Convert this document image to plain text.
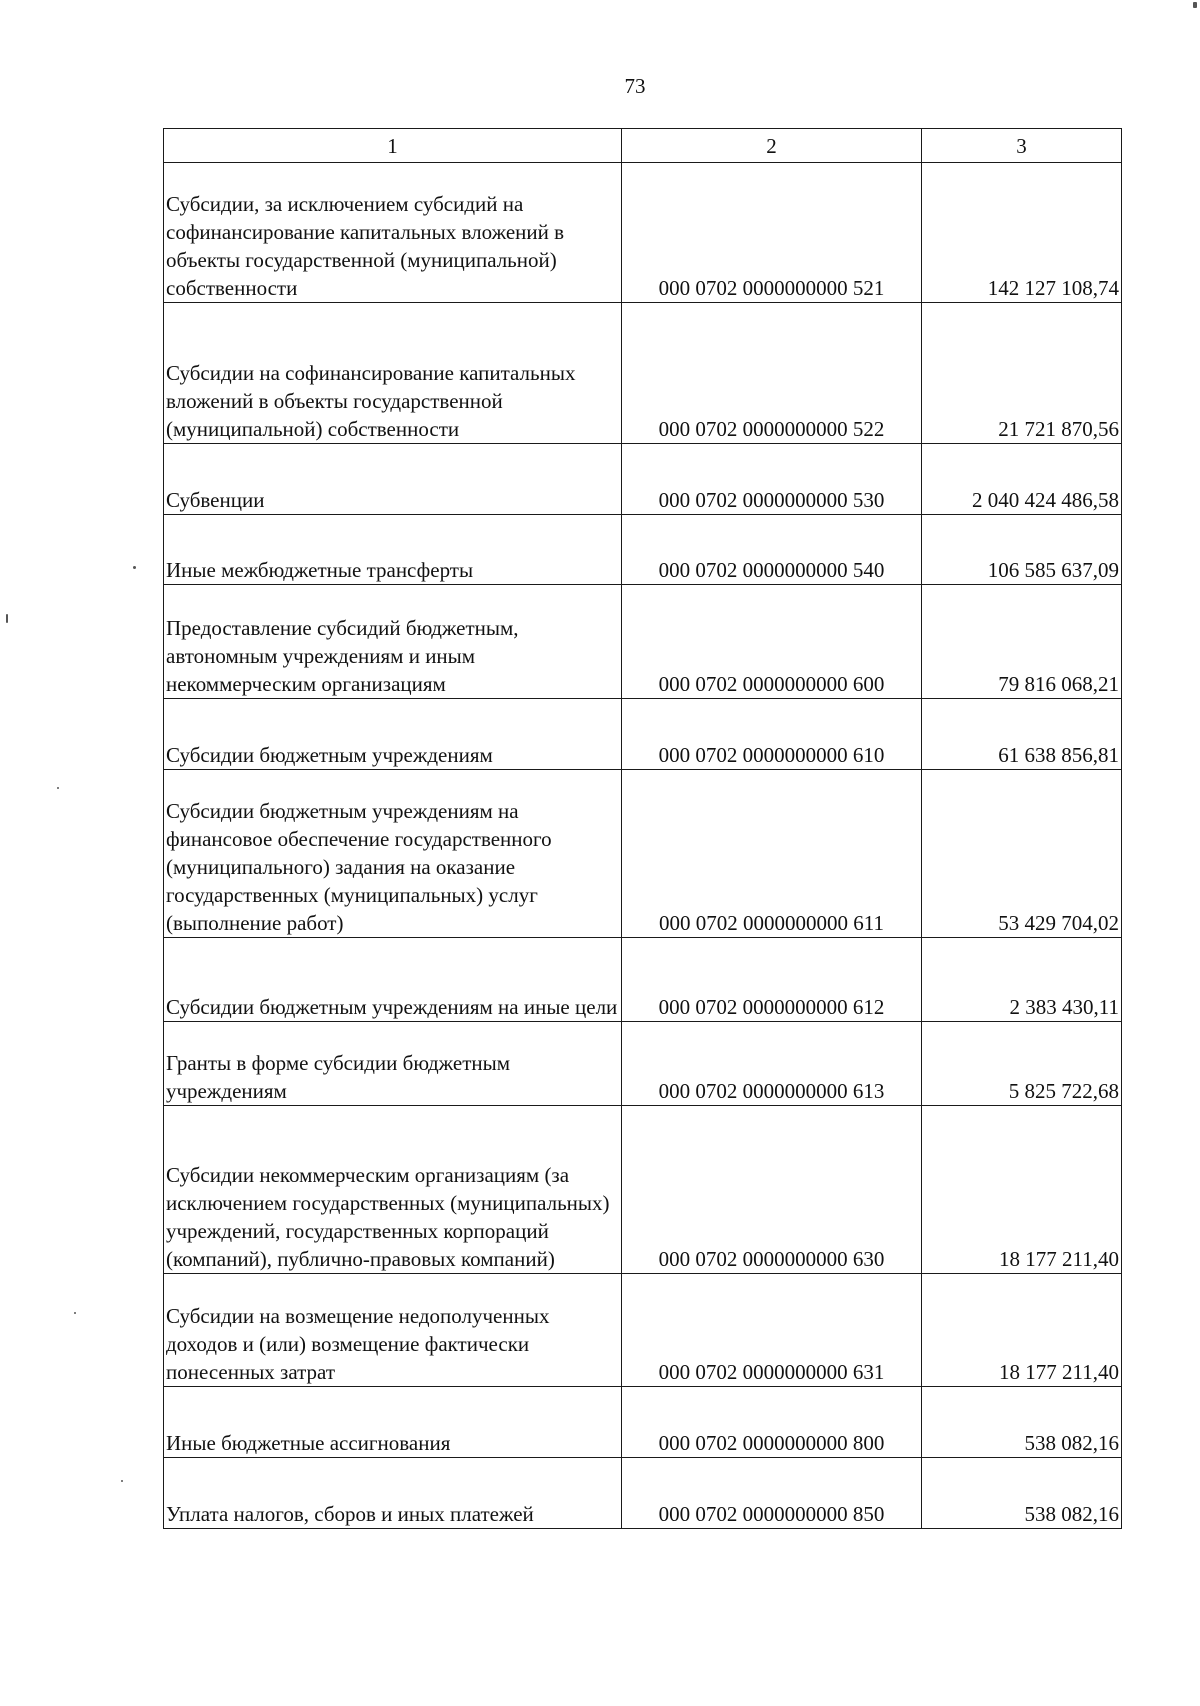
73
1	2	3
Субсидии, за исключением субсидий на софинансирование капитальных вложений в объекты государственной (муниципальной) собственности	000 0702 0000000000 521	142 127 108,74
Субсидии на софинансирование капитальных вложений в объекты государственной (муниципальной) собственности	000 0702 0000000000 522	21 721 870,56
Субвенции	000 0702 0000000000 530	2 040 424 486,58
Иные межбюджетные трансферты	000 0702 0000000000 540	106 585 637,09
Предоставление субсидий бюджетным, автономным учреждениям и иным некоммерческим организациям	000 0702 0000000000 600	79 816 068,21
Субсидии бюджетным учреждениям	000 0702 0000000000 610	61 638 856,81
Субсидии бюджетным учреждениям на финансовое обеспечение государственного (муниципального) задания на оказание государственных (муниципальных) услуг (выполнение работ)	000 0702 0000000000 611	53 429 704,02
Субсидии бюджетным учреждениям на иные цели	000 0702 0000000000 612	2 383 430,11
Гранты в форме субсидии бюджетным учреждениям	000 0702 0000000000 613	5 825 722,68
Субсидии некоммерческим организациям (за исключением государственных (муниципальных) учреждений, государственных корпораций (компаний), публично-правовых компаний)	000 0702 0000000000 630	18 177 211,40
Субсидии на возмещение недополученных доходов и (или) возмещение фактически понесенных затрат	000 0702 0000000000 631	18 177 211,40
Иные бюджетные ассигнования	000 0702 0000000000 800	538 082,16
Уплата налогов, сборов и иных платежей	000 0702 0000000000 850	538 082,16
